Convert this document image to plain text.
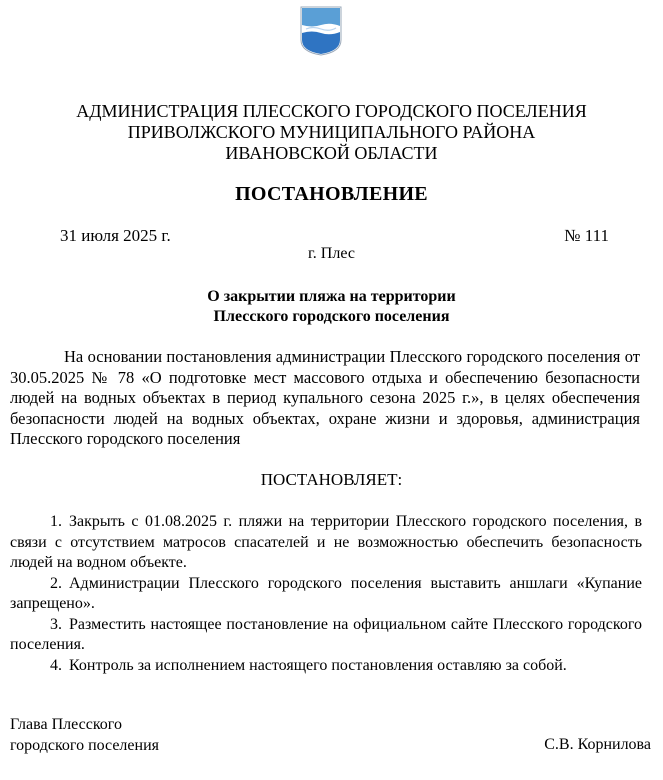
АДМИНИСТРАЦИЯ ПЛЕССКОГО ГОРОДСКОГО ПОСЕЛЕНИЯ
ПРИВОЛЖСКОГО МУНИЦИПАЛЬНОГО РАЙОНА
ИВАНОВСКОЙ ОБЛАСТИ
ПОСТАНОВЛЕНИЕ
31 июля 2025 г.	№ 111
г. Плес
О закрытии пляжа на территории
Плесского городского поселения
На основании постановления администрации Плесского городского поселения от 30.05.2025 № 78 «О подготовке мест массового отдыха и обеспечению безопасности людей на водных объектах в период купального сезона 2025 г.», в целях обеспечения безопасности людей на водных объектах, охране жизни и здоровья, администрация Плесского городского поселения
ПОСТАНОВЛЯЕТ:

1. Закрыть с 01.08.2025 г. пляжи на территории Плесского городского поселения, в связи с отсутствием матросов спасателей и не возможностью обеспечить безопасность людей на водном объекте.

2. Администрации Плесского городского поселения выставить аншлаги «Купание запрещено».

3. Разместить настоящее постановление на официальном сайте Плесского городского поселения.

4. Контроль за исполнением настоящего постановления оставляю за собой.

Глава Плесского
городского поселения	С.В. Корнилова
